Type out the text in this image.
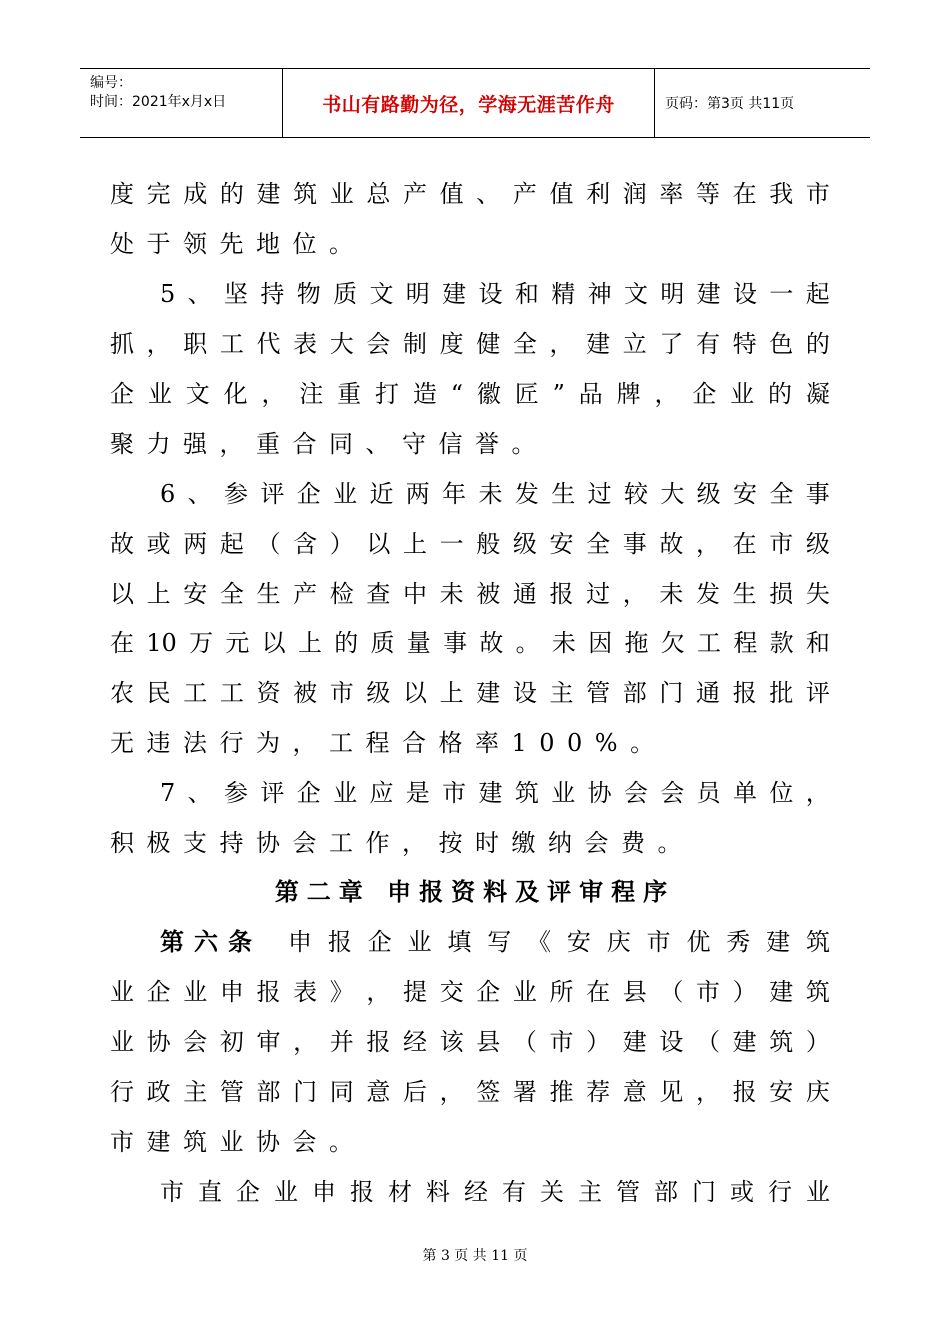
编号：
时间：2021年x月x日	书山有路勤为径，学海无涯苦作舟	页码：第3页 共11页
度 完 成 的 建 筑 业 总 产 值 、 产 值 利 润 率 等 在 我 市
处于领先地位。
5 、 坚 持 物 质 文 明 建 设 和 精 神 文 明 建 设 一 起
抓 ， 职 工 代 表 大 会 制 度 健 全 ， 建 立 了 有 特 色 的
企 业 文 化 ， 注 重 打 造 “ 徽 匠 ” 品 牌 ， 企 业 的 凝
聚力强，重合同、守信誉。
6 、 参 评 企 业 近 两 年 未 发 生 过 较 大 级 安 全 事
故 或 两 起 （ 含 ） 以 上 一 般 级 安 全 事 故 ， 在 市 级
以 上 安 全 生 产 检 查 中 未 被 通 报 过 ， 未 发 生 损 失
在 10 万 元 以 上 的 质 量 事 故 。 未 因 拖 欠 工 程 款 和
农 民 工 工 资 被 市 级 以 上 建 设 主 管 部 门 通 报 批 评
无违法行为，工程合格率100%。
7 、 参 评 企 业 应 是 市 建 筑 业 协 会 会 员 单 位 ，
积极支持协会工作，按时缴纳会费。
第二章 申报资料及评审程序
第六条 申 报 企 业 填 写 《 安 庆 市 优 秀 建 筑
业 企 业 申 报 表 》 ， 提 交 企 业 所 在 县 （ 市 ） 建 筑
业 协 会 初 审 ， 并 报 经 该 县 （ 市 ） 建 设 （ 建 筑 ）
行 政 主 管 部 门 同 意 后 ， 签 署 推 荐 意 见 ， 报 安 庆
市建筑业协会。
市 直 企 业 申 报 材 料 经 有 关 主 管 部 门 或 行 业
第 3 页 共 11 页
